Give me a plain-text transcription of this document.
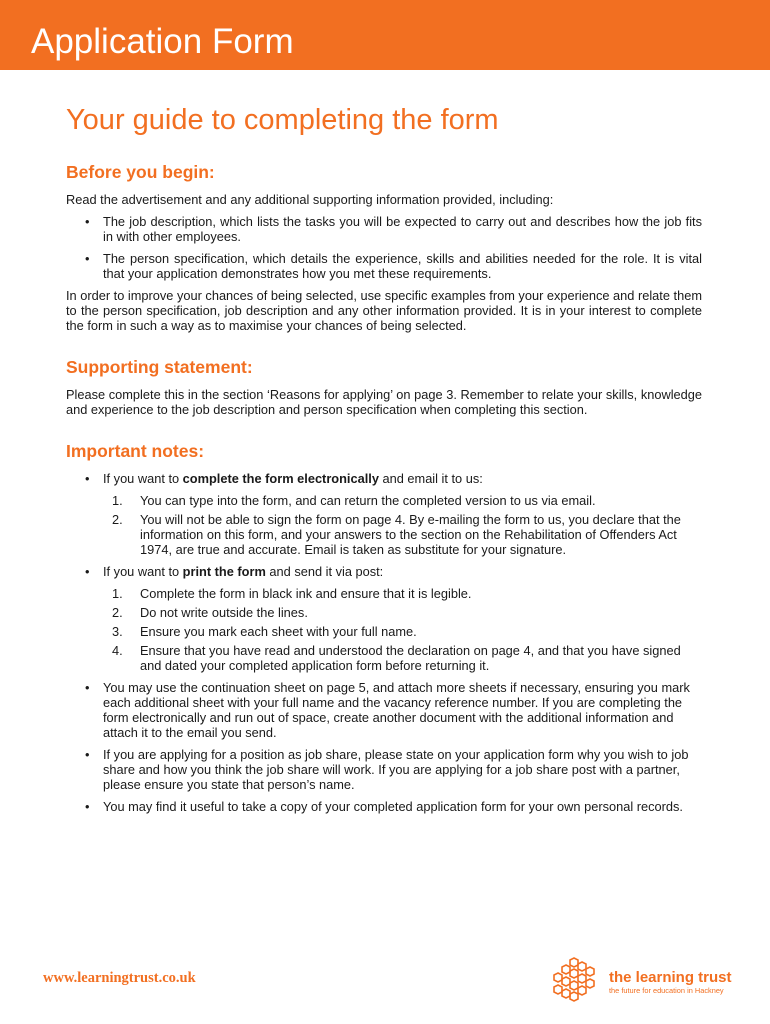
Application Form
Your guide to completing the form
Before you begin:

Read the advertisement and any additional supporting information provided, including:

• The job description, which lists the tasks you will be expected to carry out and describes how the job fits in with other employees.
• The person specification, which details the experience, skills and abilities needed for the role. It is vital that your application demonstrates how you met these requirements.

In order to improve your chances of being selected, use specific examples from your experience and relate them to the person specification, job description and any other information provided. It is in your interest to complete the form in such a way as to maximise your chances of being selected.

Supporting statement:

Please complete this in the section ‘Reasons for applying’ on page 3. Remember to relate your skills, knowledge and experience to the job description and person specification when completing this section.

Important notes:
• If you want to complete the form electronically and email it to us:
1. You can type into the form, and can return the completed version to us via email.
2. You will not be able to sign the form on page 4. By e-mailing the form to us, you declare that the information on this form, and your answers to the section on the Rehabilitation of Offenders Act 1974, are true and accurate. Email is taken as substitute for your signature.
• If you want to print the form and send it via post:
1. Complete the form in black ink and ensure that it is legible.
2. Do not write outside the lines.
3. Ensure you mark each sheet with your full name.
4. Ensure that you have read and understood the declaration on page 4, and that you have signed and dated your completed application form before returning it.
• You may use the continuation sheet on page 5, and attach more sheets if necessary, ensuring you mark each additional sheet with your full name and the vacancy reference number. If you are completing the form electronically and run out of space, create another document with the additional information and attach it to the email you send.
• If you are applying for a position as job share, please state on your application form why you wish to job share and how you think the job share will work. If you are applying for a job share post with a partner, please ensure you state that person’s name.
• You may find it useful to take a copy of your completed application form for your own personal records.
www.learningtrust.co.uk	the learning trust
the future for education in Hackney
